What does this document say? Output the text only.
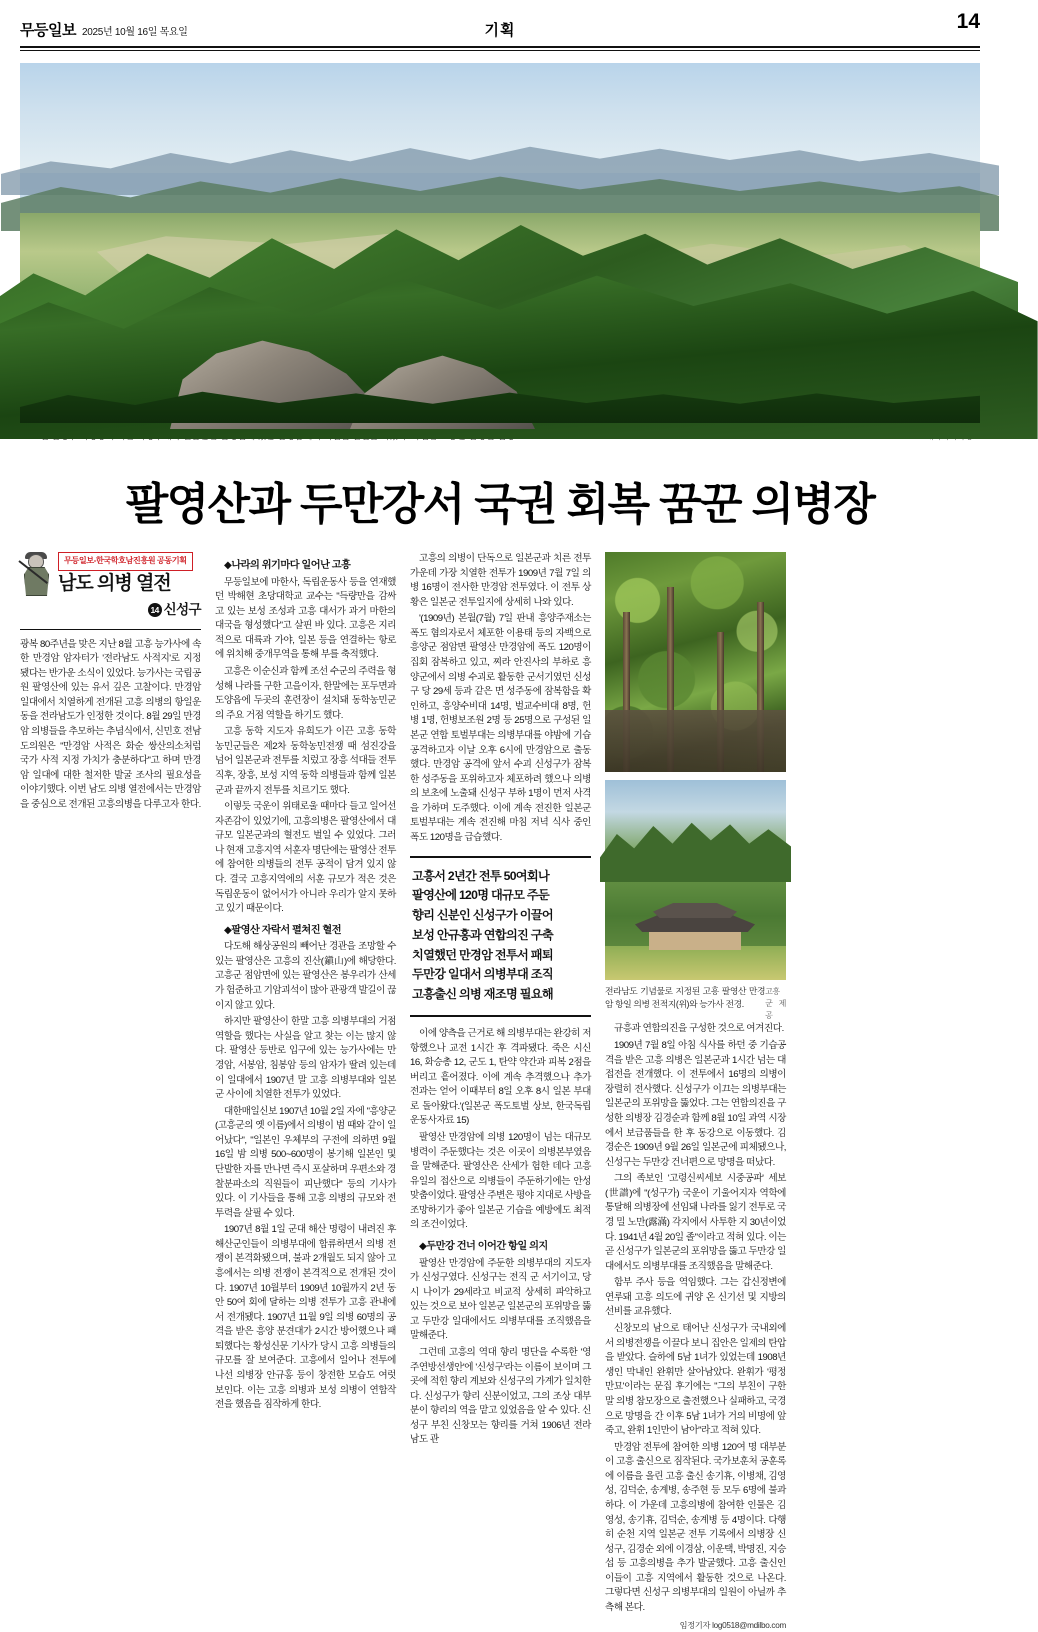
무등일보 2025년 10월 16일 목요일	기획	14
팔영산과 두만강서 국권 회복 꿈꾼 의병장
무등일보-한국학호남진흥원 공동기획
남도 의병 열전
14 신성구

광복 80주년을 맞은 지난 8월 고흥 능가사에 속한 만경암 암자터가 '전라남도 사적지'로 지정됐다는 반가운 소식이 있었다. 능가사는 국립공원 팔영산에 있는 유서 깊은 고찰이다. 만경암 일대에서 치열하게 전개된 고흥 의병의 항일운동을 전라남도가 인정한 것이다. 8월 29일 만경암 의병들을 추모하는 추념식에서, 신민호 전남도의원은 "만경암 사적은 화순 쌍산의소처럼 국가 사적 지정 가치가 충분하다"고 하며 만경암 일대에 대한 철저한 발굴 조사의 필요성을 이야기했다. 이번 남도 의병 열전에서는 만경암을 중심으로 전개된 고흥의병을 다루고자 한다.

◆나라의 위기마다 일어난 고흥

무등일보에 마한사, 독립운동사 등을 연재했던 박해현 초당대학교 교수는 "득량만을 감싸고 있는 보성 조성과 고흥 대서가 과거 마한의 대국을 형성했다"고 살핀 바 있다. 고흥은 지리적으로 대륙과 가야, 일본 등을 연결하는 항로에 위치해 중개무역을 통해 부를 축적했다.

고흥은 이순신과 함께 조선 수군의 주력을 형성해 나라를 구한 고을이자, 한말에는 포두면과 도양읍에 두곳의 훈련장이 설치돼 동학농민군의 주요 거점 역할을 하기도 했다.

고흥 동학 지도자 유희도가 이끈 고흥 동학 농민군들은 제2차 동학농민전쟁 때 섬진강을 넘어 일본군과 전투를 치렀고 장흥 석대들 전투 직후, 장흥, 보성 지역 동학 의병들과 함께 일본군과 끝까지 전투를 치르기도 했다.

이렇듯 국운이 위태로울 때마다 들고 일어선 자존감이 있었기에, 고흥의병은 팔영산에서 대규모 일본군과의 혈전도 벌일 수 있었다. 그러나 현재 고흥지역 서훈자 명단에는 팔영산 전투에 참여한 의병들의 전투 공적이 담겨 있지 않다. 결국 고흥지역에의 서훈 규모가 적은 것은 독립운동이 없어서가 아니라 우리가 알지 못하고 있기 때문이다.

◆팔영산 자락서 펼쳐진 혈전

다도해 해상공원의 빼어난 경관을 조망할 수 있는 팔영산은 고흥의 진산(鎭山)에 해당한다. 고흥군 점암면에 있는 팔영산은 봉우리가 산세가 험준하고 기암괴석이 많아 관광객 발길이 끊이지 않고 있다.

하지만 팔영산이 한말 고흥 의병부대의 거점 역할을 했다는 사실을 알고 찾는 이는 많지 않다. 팔영산 등반로 입구에 있는 능가사에는 만경암, 서봉암, 침봉암 등의 암자가 딸려 있는데 이 일대에서 1907년 말 고흥 의병부대와 일본군 사이에 치열한 전투가 있었다.

대한매일신보 1907년 10월 2일 자에 "흥양군(고흥군의 옛 이름)에서 의병이 범 때와 같이 일어났다", "일본인 우체부의 구전에 의하면 9월 16일 밤 의병 500~600명이 봉기해 일본인 및 단발한 자를 만나면 즉시 포살하며 우편소와 경찰분파소의 직원들이 피난했다" 등의 기사가 있다. 이 기사들을 통해 고흥 의병의 규모와 전투력을 살필 수 있다.

1907년 8월 1일 군대 해산 명령이 내려진 후 해산군인들이 의병부대에 합류하면서 의병 전쟁이 본격화됐으며, 불과 2개월도 되지 않아 고흥에서는 의병 전쟁이 본격적으로 전개된 것이다. 1907년 10월부터 1909년 10월까지 2년 동안 50여 회에 달하는 의병 전투가 고흥 관내에서 전개됐다. 1907년 11월 9일 의병 60명의 공격을 받은 흥양 분견대가 2시간 방어했으나 패퇴했다는 황성신문 기사가 당시 고흥 의병들의 규모를 잘 보여준다. 고흥에서 일어나 전투에 나선 의병장 안규홍 등이 창전한 모습도 여럿 보인다. 이는 고흥 의병과 보성 의병이 연합작전을 했음을 짐작하게 한다.

고흥의 의병이 단독으로 일본군과 치른 전투 가운데 가장 치열한 전투가 1909년 7월 7일 의병 16명이 전사한 만경암 전투였다. 이 전투 상황은 일본군 전투일지에 상세히 나와 있다.

'(1909년) 본월(7월) 7일 판내 흥양주재소는 폭도 혐의자로서 체포한 이용태 등의 자백으로 흥양군 점암면 팔영산 만경암에 폭도 120명이 집회 잠복하고 있고, 찌라 안진사의 부하로 흥양군에서 의병 수괴로 활동한 군서기였던 신성구 당 29세 등과 같은 면 성주동에 잠복함을 확인하고, 흥양수비대 14명, 벌교수비대 8명, 헌병 1명, 헌병보조원 2명 등 25명으로 구성된 일본군 연합 토벌부대는 의병부대를 야밤에 기습 공격하고자 이날 오후 6시에 만경암으로 출동했다. 만경암 공격에 앞서 수괴 신성구가 잠복한 성주동을 포위하고자 체포하려 했으나 의병의 보초에 노출돼 신성구 부하 1명이 먼저 사격을 가하며 도주했다. 이에 계속 전진한 일본군 토벌부대는 계속 전진해 마침 저녁 식사 중인 폭도 120명을 급습했다.

고흥서 2년간 전투 50여회나
팔영산에 120명 대규모 주둔
향리 신분인 신성구가 이끌어
보성 안규홍과 연합의진 구축
치열했던 만경암 전투서 패퇴
두만강 일대서 의병부대 조직
고흥출신 의병 재조명 필요해

이에 양측을 근거로 해 의병부대는 완강히 저항했으나 교전 1시간 후 격파됐다. 죽은 시신 16, 화승총 12, 군도 1, 탄약 약간과 피복 2점을 버리고 흩어졌다. 이에 계속 추격했으나 추가 전과는 얻어 이때부터 8일 오후 8시 일본 부대로 돌아왔다.'(일본군 폭도토벌 상보, 한국독립운동사자료 15)

팔영산 만경암에 의병 120명이 넘는 대규모 병력이 주둔했다는 것은 이곳이 의병본부였음을 말해준다. 팔영산은 산세가 험한 데다 고흥 유일의 접산으로 의병들이 주둔하기에는 안성맞춤이었다. 팔영산 주변은 평야 지대로 사방을 조망하기가 좋아 일본군 기습을 예방에도 최적의 조건이었다.

◆두만강 건너 이어간 항일 의지

팔영산 만경암에 주둔한 의병부대의 지도자가 신성구였다. 신성구는 전직 군 서기이고, 당시 나이가 29세라고 비교적 상세히 파악하고 있는 것으로 보아 일본군 일본군의 포위망을 뚫고 두만강 일대에서도 의병부대를 조직했음을 말해준다.

그런데 고흥의 역대 향리 명단을 수록한 '영주연방선생안'에 '신성구'라는 이름이 보이며 그곳에 적힌 향리 계보와 신성구의 가계가 일치한다. 신성구가 향리 신분이었고, 그의 조상 대부분이 향리의 역을 맡고 있었음을 알 수 있다. 신성구 부친 신창모는 향리를 거쳐 1906년 전라남도 관

전라남도 기념물로 지정된 고흥 팔영산 만경암 항일 의병 전적지(위)와 능가사 전경.
고흥군 제공

규흥과 연합의진을 구성한 것으로 여겨진다.

1909년 7월 8일 아침 식사를 하던 중 기습공격을 받은 고흥 의병은 일본군과 1시간 넘는 대접전을 전개했다. 이 전투에서 16명의 의병이 장렬히 전사했다. 신성구가 이끄는 의병부대는 일본군의 포위망을 뚫었다. 그는 연합의진을 구성한 의병장 김경순과 함께 8월 10일 과역 시장에서 보급품들을 한 후 동강으로 이동했다. 김경순은 1909년 9월 26일 일본군에 피체됐으나, 신성구는 두만강 건너편으로 망명을 떠났다.

그의 족보인 '고령신씨세보 시중공파' 세보(世譜)에 "(성구가) 국운이 기울어지자 역학에 통달해 의병장에 선임돼 나라를 잃기 전투로 국경 밀 노만(露滿) 각지에서 사투한 지 30년이었다. 1941년 4월 20일 졸"이라고 적혀 있다. 이는 곧 신성구가 일본군의 포위망을 뚫고 두만강 일대에서도 의병부대를 조직했음을 말해준다.

함부 주사 등을 역임했다. 그는 갑신정변에 연루돼 고흥 의도에 귀양 온 신기선 및 지방의 선비를 교유했다.

신창모의 남으로 태어난 신성구가 국내외에서 의병전쟁을 이끌다 보니 집안은 일제의 탄압을 받았다. 슬하에 5남 1녀가 있었는데 1908년 생인 막내인 완휘만 살아남았다. 완휘가 '평정만묘'이라는 문집 후기에는 "그의 부친이 구한말 의병 참모장으로 출전했으나 실패하고, 국경으로 망명을 간 이후 5남 1녀가 거의 비명에 앞죽고, 완휘 1인만이 남아"라고 적혀 있다.

만경암 전투에 참여한 의병 120여 명 대부분이 고흥 출신으로 짐작된다. 국가보훈처 공훈록에 이름을 올린 고흥 출신 송기휴, 이병채, 김영성, 김덕순, 송계병, 송주현 등 모두 6명에 불과하다. 이 가운데 고흥의병에 참여한 인물은 김영성, 송기휴, 김덕순, 송계병 등 4명이다. 다행히 순천 지역 일본군 전투 기록에서 의병장 신성구, 김경순 외에 이경삼, 이운택, 박명진, 지승섭 등 고흥의병을 추가 발굴했다. 고흥 출신인 이들이 고흥 지역에서 활동한 것으로 나온다. 그렇다면 신성구 의병부대의 일원이 아닐까 추측해 본다.

임정기자 log0518@mdilbo.com
